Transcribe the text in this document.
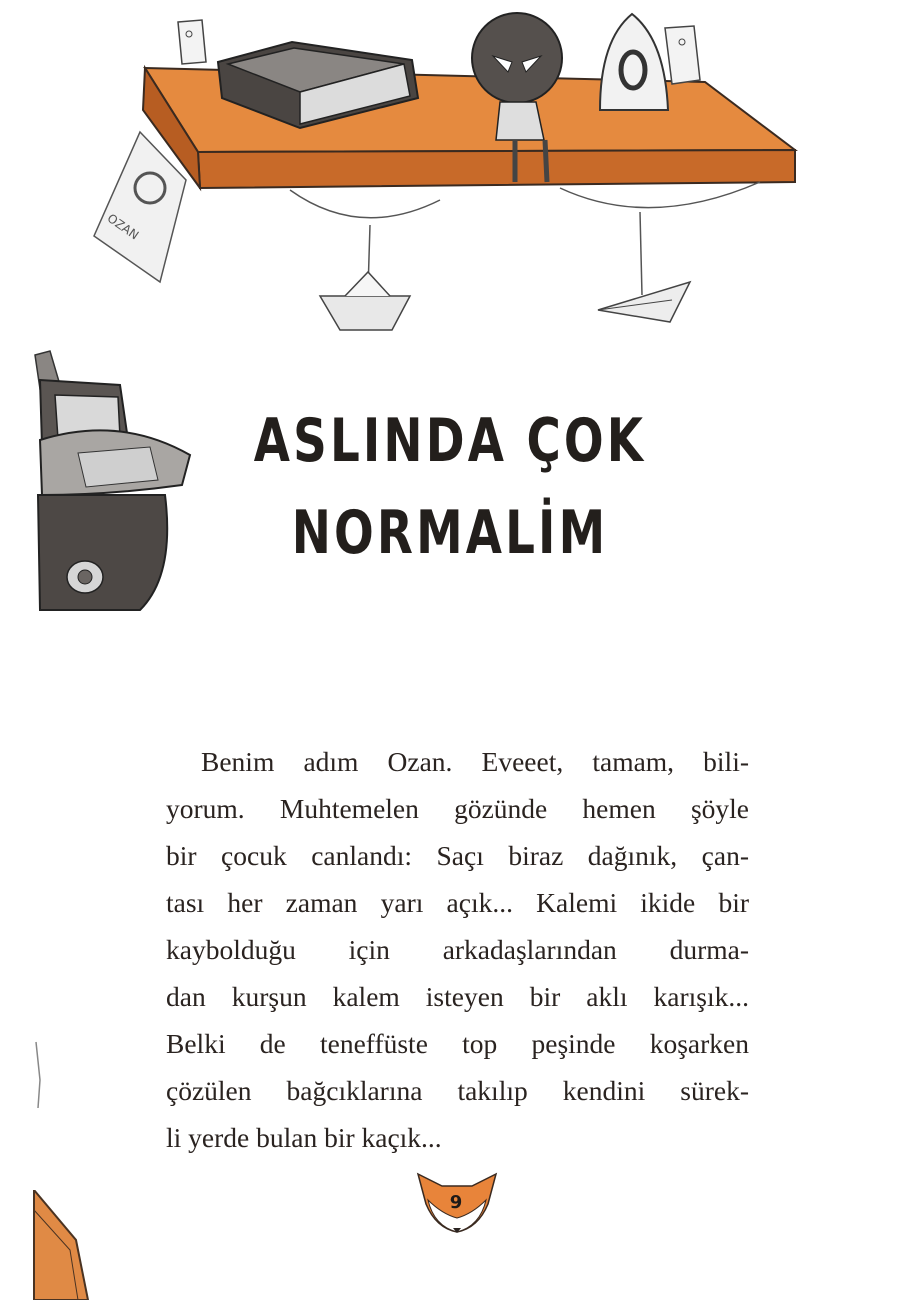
OZAN
ASLINDA ÇOK
NORMALİM
Benim adım Ozan. Eveeet, tamam, bili-
yorum. Muhtemelen gözünde hemen şöyle
bir çocuk canlandı: Saçı biraz dağınık, çan-
tası her zaman yarı açık... Kalemi ikide bir
kaybolduğu için arkadaşlarından durma-
dan kurşun kalem isteyen bir aklı karışık...
Belki de teneffüste top peşinde koşarken
çözülen bağcıklarına takılıp kendini sürek-
li yerde bulan bir kaçık...
9
